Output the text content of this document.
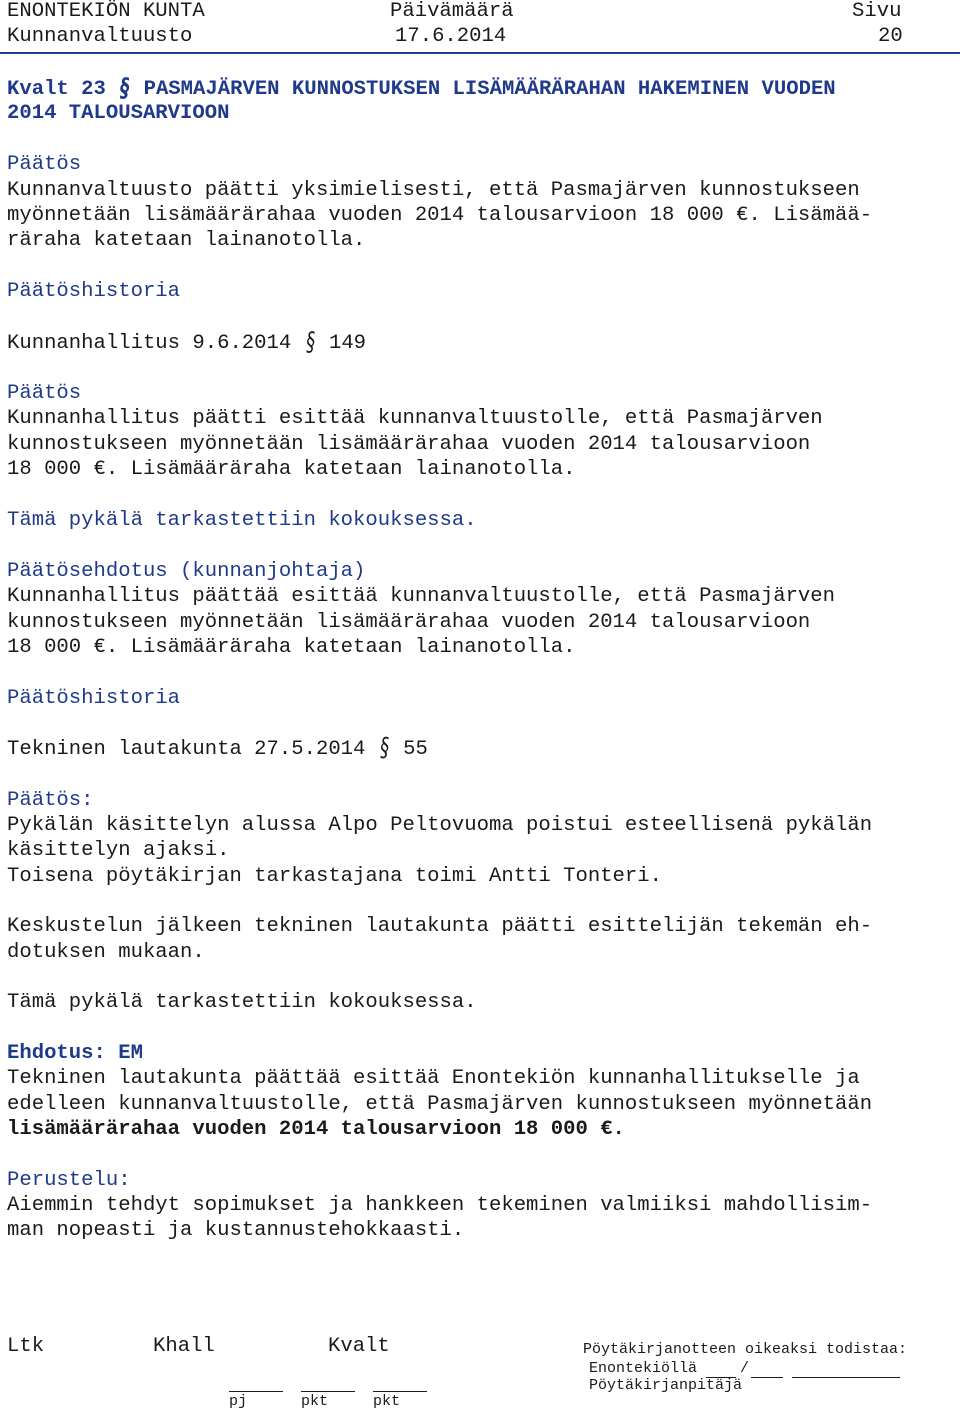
ENONTEKIÖN KUNTA	Päivämäärä	Sivu
Kunnanvaltuusto	17.6.2014	20
Kvalt 23 § PASMAJÄRVEN KUNNOSTUKSEN LISÄMÄÄRÄRAHAN HAKEMINEN VUODEN
2014 TALOUSARVIOON
Päätös
Kunnanvaltuusto päätti yksimielisesti, että Pasmajärven kunnostukseen
myönnetään lisämäärärahaa vuoden 2014 talousarvioon 18 000 €. Lisämää-
räraha katetaan lainanotolla.
Päätöshistoria
Kunnanhallitus 9.6.2014 § 149
Päätös
Kunnanhallitus päätti esittää kunnanvaltuustolle, että Pasmajärven
kunnostukseen myönnetään lisämäärärahaa vuoden 2014 talousarvioon
18 000 €. Lisämääräraha katetaan lainanotolla.
Tämä pykälä tarkastettiin kokouksessa.
Päätösehdotus (kunnanjohtaja)
Kunnanhallitus päättää esittää kunnanvaltuustolle, että Pasmajärven
kunnostukseen myönnetään lisämäärärahaa vuoden 2014 talousarvioon
18 000 €. Lisämääräraha katetaan lainanotolla.
Päätöshistoria
Tekninen lautakunta 27.5.2014 § 55
Päätös:
Pykälän käsittelyn alussa Alpo Peltovuoma poistui esteellisenä pykälän
käsittelyn ajaksi.
Toisena pöytäkirjan tarkastajana toimi Antti Tonteri.
Keskustelun jälkeen tekninen lautakunta päätti esittelijän tekemän eh-
dotuksen mukaan.
Tämä pykälä tarkastettiin kokouksessa.
Ehdotus: EM
Tekninen lautakunta päättää esittää Enontekiön kunnanhallitukselle ja
edelleen kunnanvaltuustolle, että Pasmajärven kunnostukseen myönnetään
lisämäärärahaa vuoden 2014 talousarvioon 18 000 €.
Perustelu:
Aiemmin tehdyt sopimukset ja hankkeen tekeminen valmiiksi mahdollisim-
man nopeasti ja kustannustehokkaasti.
Ltk	Khall	Kvalt	Pöytäkirjanotteen oikeaksi todistaa:
Enontekiöllä	/
Pöytäkirjanpitäjä
pj	pkt	pkt
